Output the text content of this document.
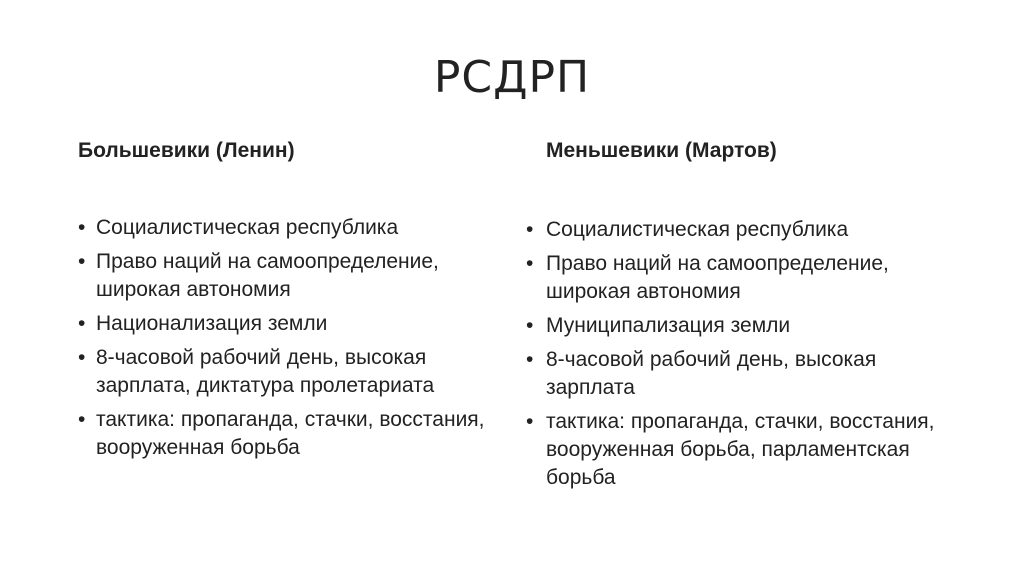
РСДРП
Большевики (Ленин)	Меньшевики (Мартов)
• Социалистическая республика
• Право наций на самоопределение, широкая автономия
• Национализация земли
• 8-часовой рабочий день, высокая зарплата, диктатура пролетариата
• тактика: пропаганда, стачки, восстания, вооруженная борьба
• Социалистическая республика
• Право наций на самоопределение, широкая автономия
• Муниципализация земли
• 8-часовой рабочий день, высокая зарплата
• тактика: пропаганда, стачки, восстания, вооруженная борьба, парламентская борьба
